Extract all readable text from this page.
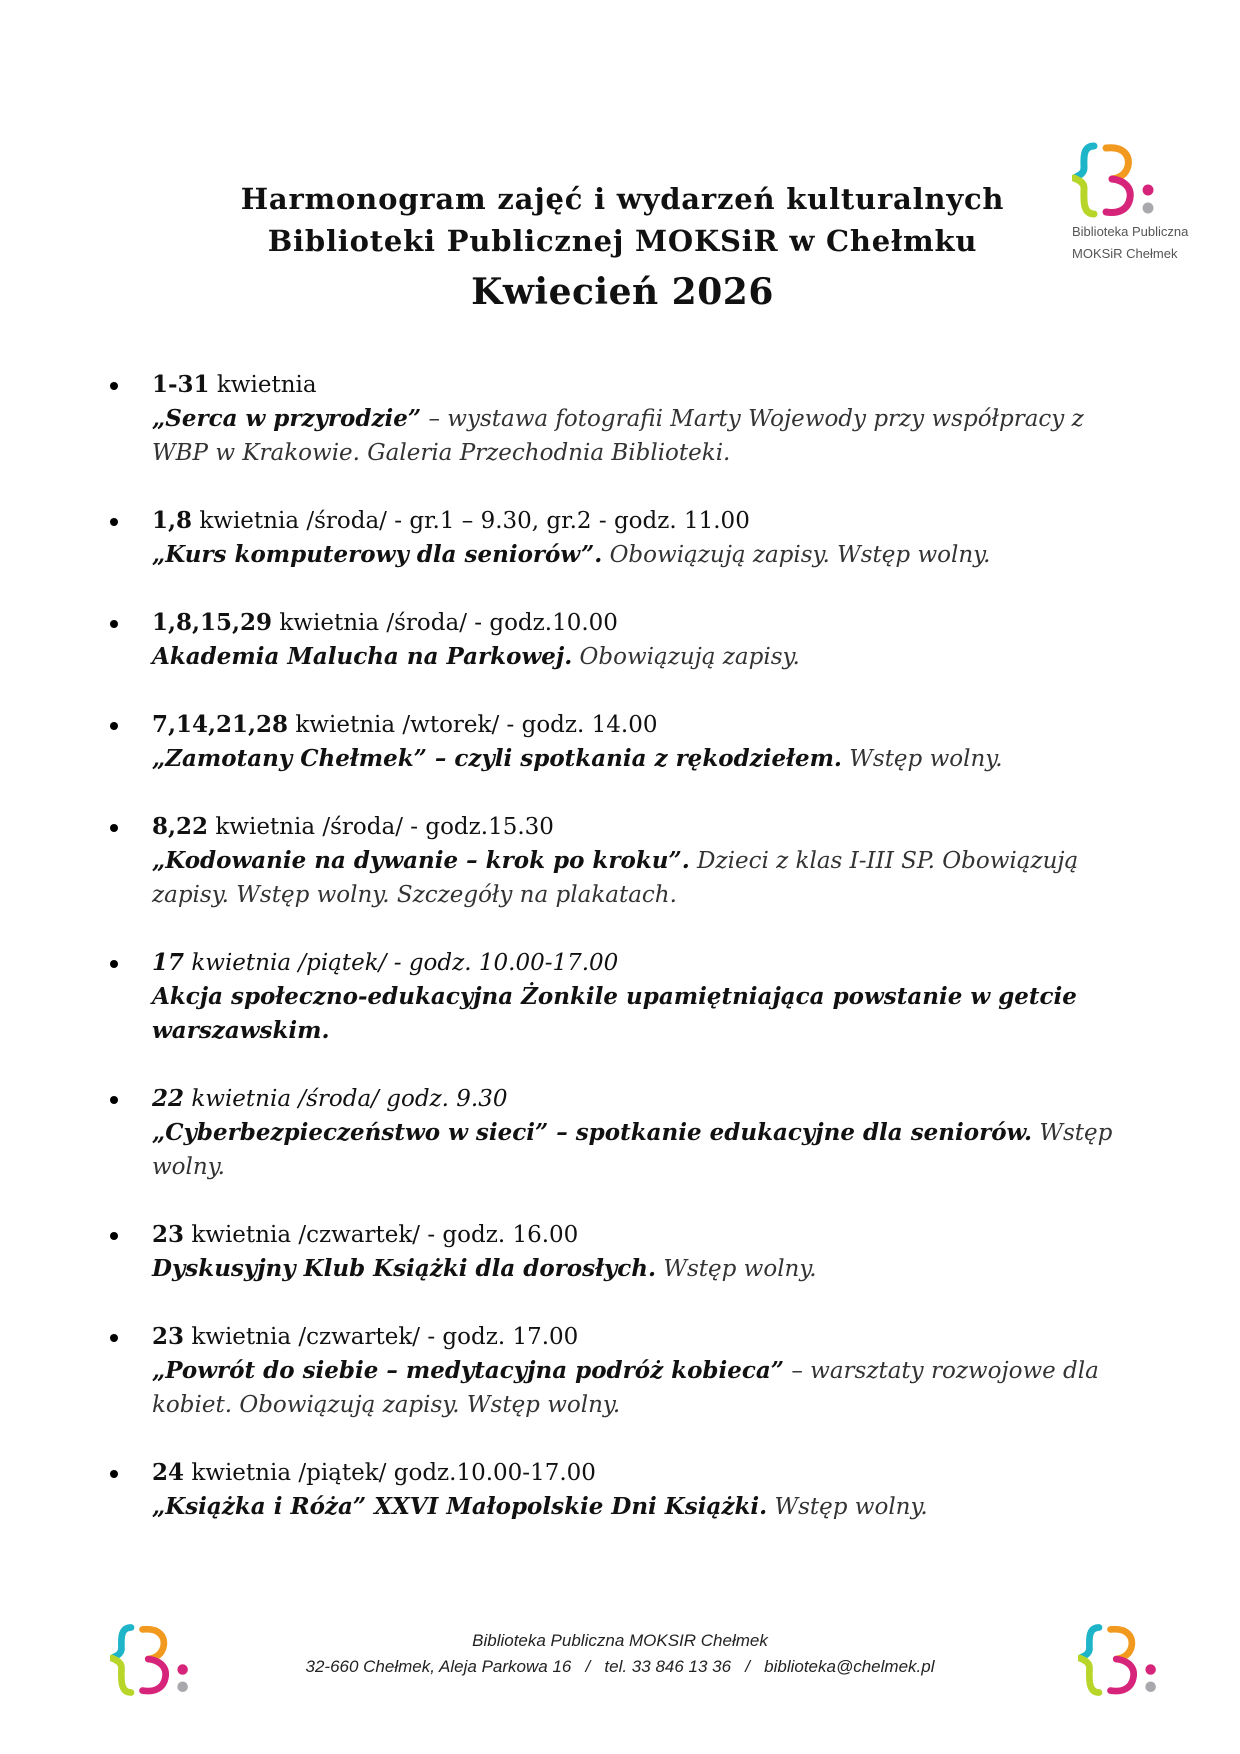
Harmonogram zajęć i wydarzeń kulturalnych
Biblioteki Publicznej MOKSiR w Chełmku
Kwiecień 2026
Biblioteka Publiczna
MOKSiR Chełmek
1-31 kwietnia
„Serca w przyrodzie” – wystawa fotografii Marty Wojewody przy współpracy z WBP w Krakowie. Galeria Przechodnia Biblioteki.
1,8 kwietnia /środa/ - gr.1 – 9.30, gr.2 - godz. 11.00
„Kurs komputerowy dla seniorów”. Obowiązują zapisy. Wstęp wolny.
1,8,15,29 kwietnia /środa/ - godz.10.00
Akademia Malucha na Parkowej. Obowiązują zapisy.
7,14,21,28 kwietnia /wtorek/ - godz. 14.00
„Zamotany Chełmek” – czyli spotkania z rękodziełem. Wstęp wolny.
8,22 kwietnia /środa/ - godz.15.30
„Kodowanie na dywanie – krok po kroku”. Dzieci z klas I-III SP. Obowiązują zapisy. Wstęp wolny. Szczegóły na plakatach.
17 kwietnia /piątek/ - godz. 10.00-17.00
Akcja społeczno-edukacyjna Żonkile upamiętniająca powstanie w getcie warszawskim.
22 kwietnia /środa/ godz. 9.30
„Cyberbezpieczeństwo w sieci” – spotkanie edukacyjne dla seniorów. Wstęp wolny.
23 kwietnia /czwartek/ - godz. 16.00
Dyskusyjny Klub Książki dla dorosłych. Wstęp wolny.
23 kwietnia /czwartek/ - godz. 17.00
„Powrót do siebie – medytacyjna podróż kobieca” – warsztaty rozwojowe dla kobiet. Obowiązują zapisy. Wstęp wolny.
24 kwietnia /piątek/ godz.10.00-17.00
„Książka i Róża” XXVI Małopolskie Dni Książki. Wstęp wolny.
Biblioteka Publiczna MOKSIR Chełmek
32-660 Chełmek, Aleja Parkowa 16   /   tel. 33 846 13 36   /   biblioteka@chelmek.pl
